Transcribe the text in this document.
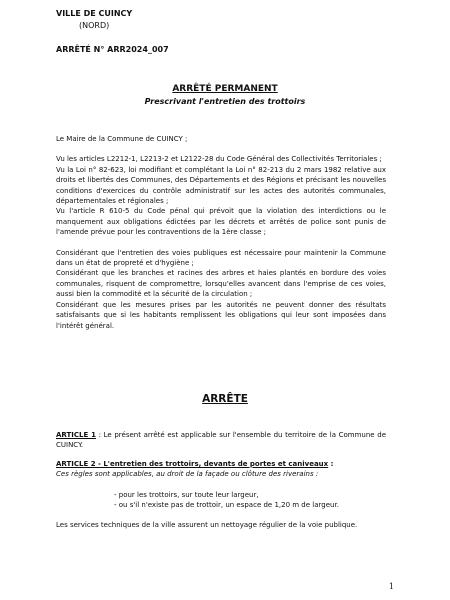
VILLE DE CUINCY
(NORD)
ARRÊTÉ N° ARR2024_007
ARRÊTÉ PERMANENT
Prescrivant l'entretien des trottoirs

Le Maire de la Commune de CUINCY ;

Vu les articles L2212-1, L2213-2 et L2122-28 du Code Général des Collectivités Territoriales ;

Vu la Loi n° 82-623, loi modifiant et complétant la Loi n° 82-213 du 2 mars 1982 relative aux droits et libertés des Communes, des Départements et des Régions et précisant les nouvelles conditions d'exercices du contrôle administratif sur les actes des autorités communales, départementales et régionales ;

Vu l'article R 610-5 du Code pénal qui prévoit que la violation des interdictions ou le manquement aux obligations édictées par les décrets et arrêtés de police sont punis de l'amende prévue pour les contraventions de la 1ère classe ;

Considérant que l'entretien des voies publiques est nécessaire pour maintenir la Commune dans un état de propreté et d'hygiène ;

Considérant que les branches et racines des arbres et haies plantés en bordure des voies communales, risquent de compromettre, lorsqu'elles avancent dans l'emprise de ces voies, aussi bien la commodité et la sécurité de la circulation ;

Considérant que les mesures prises par les autorités ne peuvent donner des résultats satisfaisants que si les habitants remplissent les obligations qui leur sont imposées dans l'intérêt général.

ARRÊTE

ARTICLE 1 : Le présent arrêté est applicable sur l'ensemble du territoire de la Commune de CUINCY.

ARTICLE 2 - L'entretien des trottoirs, devants de portes et caniveaux :

Ces règles sont applicables, au droit de la façade ou clôture des riverains :

- pour les trottoirs, sur toute leur largeur,

- ou s'il n'existe pas de trottoir, un espace de 1,20 m de largeur.

Les services techniques de la ville assurent un nettoyage régulier de la voie publique.

1
